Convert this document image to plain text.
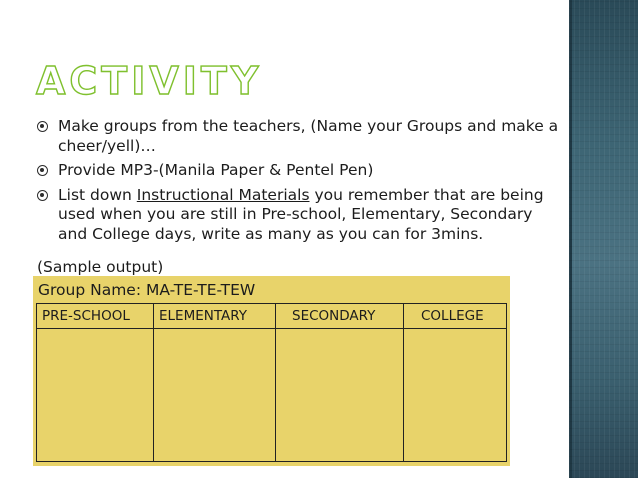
ACTIVITY
Make groups from the teachers, (Name your Groups and make a cheer/yell)…
Provide MP3-(Manila Paper & Pentel Pen)
List down Instructional Materials you remember that are being used when you are still in Pre-school, Elementary, Secondary and College days, write as many as you can for 3mins.
(Sample output)
Group Name: MA-TE-TE-TEW
PRE-SCHOOL	ELEMENTARY	SECONDARY	COLLEGE
